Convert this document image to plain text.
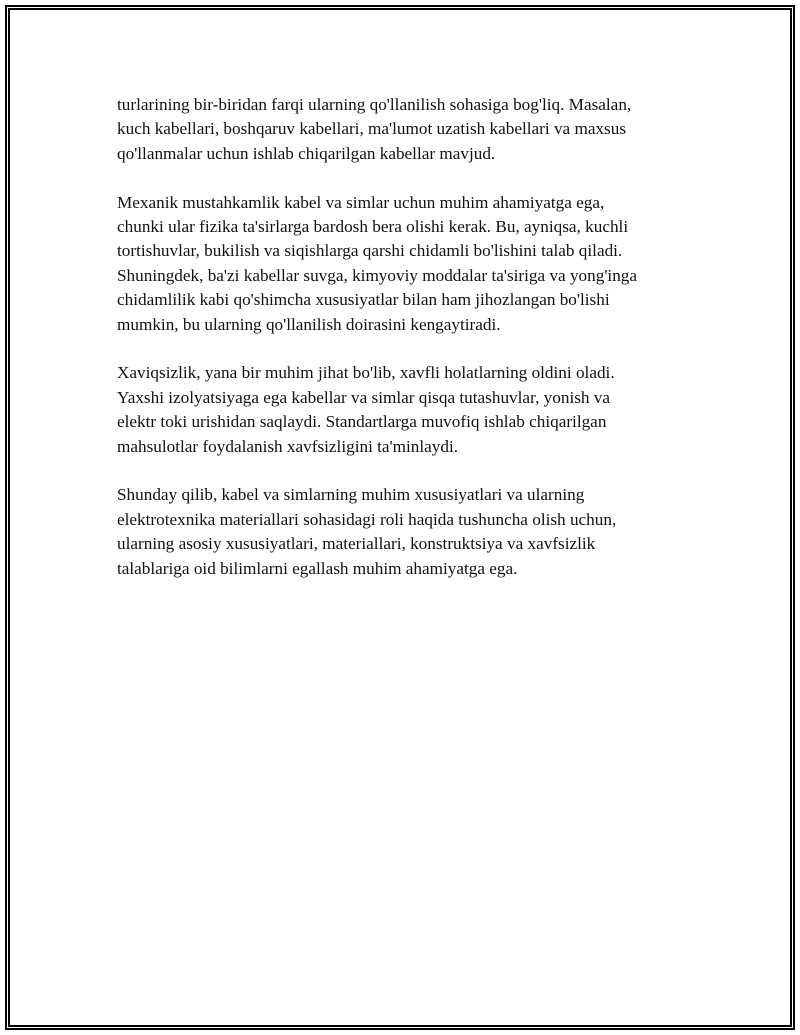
turlarining bir-biridan farqi ularning qo'llanilish sohasiga bog'liq. Masalan,
kuch kabellari, boshqaruv kabellari, ma'lumot uzatish kabellari va maxsus
qo'llanmalar uchun ishlab chiqarilgan kabellar mavjud.

Mexanik mustahkamlik kabel va simlar uchun muhim ahamiyatga ega,
chunki ular fizika ta'sirlarga bardosh bera olishi kerak. Bu, ayniqsa, kuchli
tortishuvlar, bukilish va siqishlarga qarshi chidamli bo'lishini talab qiladi.
Shuningdek, ba'zi kabellar suvga, kimyoviy moddalar ta'siriga va yong'inga
chidamlilik kabi qo'shimcha xususiyatlar bilan ham jihozlangan bo'lishi
mumkin, bu ularning qo'llanilish doirasini kengaytiradi.

Xaviqsizlik, yana bir muhim jihat bo'lib, xavfli holatlarning oldini oladi.
Yaxshi izolyatsiyaga ega kabellar va simlar qisqa tutashuvlar, yonish va
elektr toki urishidan saqlaydi. Standartlarga muvofiq ishlab chiqarilgan
mahsulotlar foydalanish xavfsizligini ta'minlaydi.

Shunday qilib, kabel va simlarning muhim xususiyatlari va ularning
elektrotexnika materiallari sohasidagi roli haqida tushuncha olish uchun,
ularning asosiy xususiyatlari, materiallari, konstruktsiya va xavfsizlik
talablariga oid bilimlarni egallash muhim ahamiyatga ega.
